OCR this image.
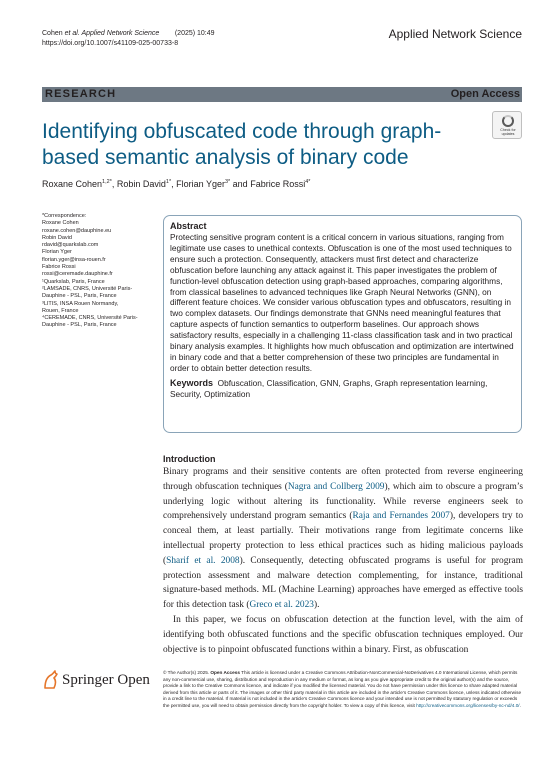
Cohen et al. Applied Network Science        (2025) 10:49
https://doi.org/10.1007/s41109-025-00733-8
Applied Network Science
RESEARCH	Open Access
Identifying obfuscated code through graph-based semantic analysis of binary code
Check for updates
Roxane Cohen$^{1,2*}$, Robin David$^{1*}$, Florian Yger$^{3*}$ and Fabrice Rossi$^{4*}$
*Correspondence:
Roxane Cohen
roxane.cohen@dauphine.eu
Robin David
rdavid@quarkslab.com
Florian Yger
florian.yger@insa-rouen.fr
Fabrice Rossi
rossi@ceremade.dauphine.fr
¹Quarkslab, Paris, France
²LAMSADE, CNRS, Université Paris-
Dauphine - PSL, Paris, France
³LITIS, INSA Rouen Normandy,
Rouen, France
⁴CEREMADE, CNRS, Université Paris-
Dauphine - PSL, Paris, France
Abstract
Protecting sensitive program content is a critical concern in various situations, ranging from legitimate use cases to unethical contexts. Obfuscation is one of the most used techniques to ensure such a protection. Consequently, attackers must first detect and characterize obfuscation before launching any attack against it. This paper investigates the problem of function-level obfuscation detection using graph-based approaches, comparing algorithms, from classical baselines to advanced techniques like Graph Neural Networks (GNN), on different feature choices. We consider various obfuscation types and obfuscators, resulting in two complex datasets. Our findings demonstrate that GNNs need meaningful features that capture aspects of function semantics to outperform baselines. Our approach shows satisfactory results, especially in a challenging 11-class classification task and in two practical binary analysis examples. It highlights how much obfuscation and optimization are intertwined in binary code and that a better comprehension of these two principles are fundamental in order to obtain better detection results.
Keywords  Obfuscation, Classification, GNN, Graphs, Graph representation learning, Security, Optimization
Introduction

Binary programs and their sensitive contents are often protected from reverse engineering through obfuscation techniques (Nagra and Collberg 2009), which aim to obscure a program’s underlying logic without altering its functionality. While reverse engineers seek to comprehensively understand program semantics (Raja and Fernandes 2007), developers try to conceal them, at least partially. Their motivations range from legitimate concerns like intellectual property protection to less ethical practices such as hiding malicious payloads (Sharif et al. 2008). Consequently, detecting obfuscated programs is useful for program protection assessment and malware detection complementing, for instance, traditional signature-based methods. ML (Machine Learning) approaches have emerged as effective tools for this detection task (Greco et al. 2023).

In this paper, we focus on obfuscation detection at the function level, with the aim of identifying both obfuscated functions and the specific obfuscation techniques employed. Our objective is to pinpoint obfuscated functions within a binary. First, as obfuscation

Springer Open	© The Author(s) 2025. Open Access This article is licensed under a Creative Commons Attribution-NonCommercial-NoDerivatives 4.0 International License, which permits any non-commercial use, sharing, distribution and reproduction in any medium or format, as long as you give appropriate credit to the original author(s) and the source, provide a link to the Creative Commons licence, and indicate if you modified the licensed material. You do not have permission under this licence to share adapted material derived from this article or parts of it. The images or other third party material in this article are included in the article’s Creative Commons licence, unless indicated otherwise in a credit line to the material. If material is not included in the article’s Creative Commons licence and your intended use is not permitted by statutory regulation or exceeds the permitted use, you will need to obtain permission directly from the copyright holder. To view a copy of this licence, visit http://creativecommons.org/licenses/by-nc-nd/4.0/.
